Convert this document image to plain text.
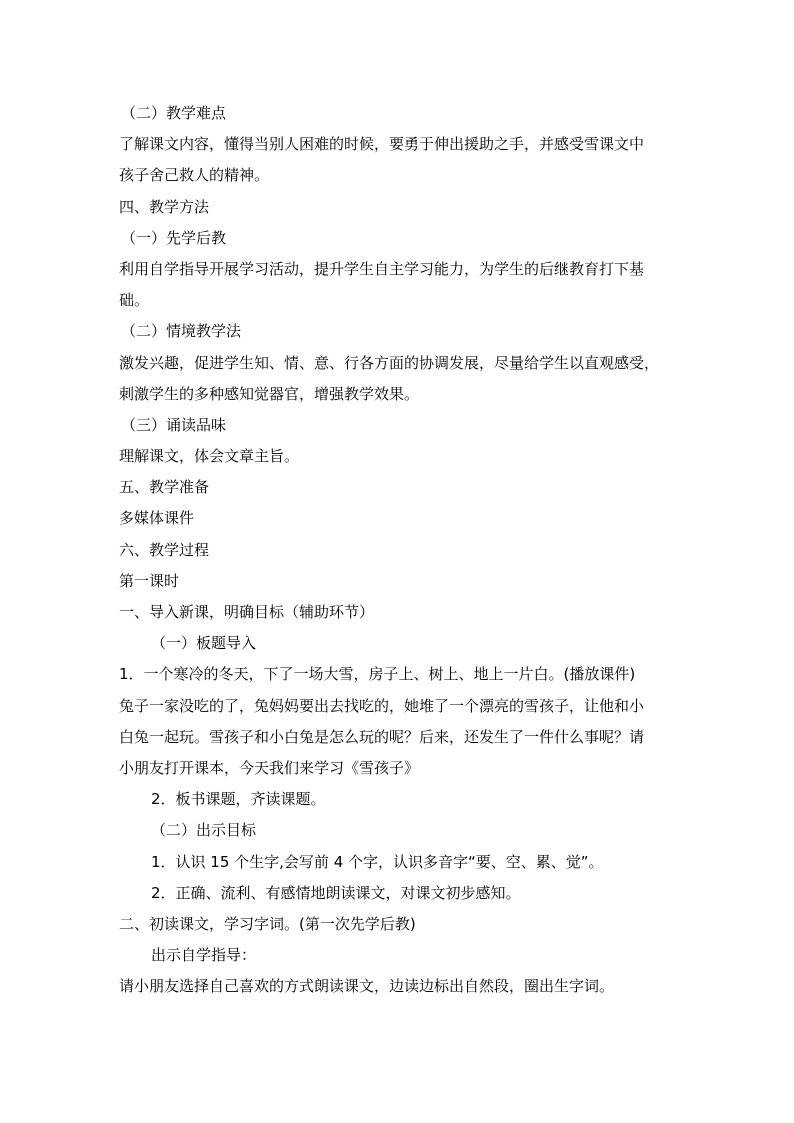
（二）教学难点
了解课文内容，懂得当别人困难的时候，要勇于伸出援助之手，并感受雪课文中
孩子舍己救人的精神。
四、教学方法
（一）先学后教
利用自学指导开展学习活动，提升学生自主学习能力，为学生的后继教育打下基
础。
（二）情境教学法
激发兴趣，促进学生知、情、意、行各方面的协调发展，尽量给学生以直观感受，
刺激学生的多种感知觉器官，增强教学效果。
（三）诵读品味
理解课文，体会文章主旨。
五、教学准备
多媒体课件
六、教学过程
第一课时
一、导入新课，明确目标（辅助环节）
（一）板题导入
1．一个寒冷的冬天，下了一场大雪，房子上、树上、地上一片白。(播放课件)
兔子一家没吃的了，兔妈妈要出去找吃的，她堆了一个漂亮的雪孩子，让他和小
白兔一起玩。雪孩子和小白兔是怎么玩的呢？后来，还发生了一件什么事呢？请
小朋友打开课本，今天我们来学习《雪孩子》
2．板书课题，齐读课题。
（二）出示目标
1．认识 15 个生字,会写前 4 个字，认识多音字“要、空、累、觉”。
2．正确、流利、有感情地朗读课文，对课文初步感知。
二、初读课文，学习字词。(第一次先学后教)
出示自学指导：
请小朋友选择自己喜欢的方式朗读课文，边读边标出自然段，圈出生字词。
